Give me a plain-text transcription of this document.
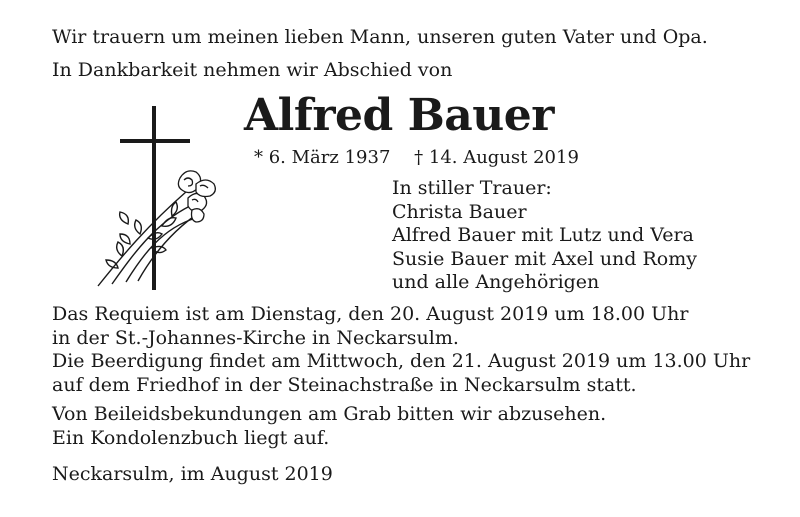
Wir trauern um meinen lieben Mann, unseren guten Vater und Opa.
In Dankbarkeit nehmen wir Abschied von
Alfred Bauer
* 6. März 1937 † 14. August 2019
In stiller Trauer:
Christa Bauer
Alfred Bauer mit Lutz und Vera
Susie Bauer mit Axel und Romy
und alle Angehörigen
Das Requiem ist am Dienstag, den 20. August 2019 um 18.00 Uhr
in der St.-Johannes-Kirche in Neckarsulm.
Die Beerdigung findet am Mittwoch, den 21. August 2019 um 13.00 Uhr
auf dem Friedhof in der Steinachstraße in Neckarsulm statt.
Von Beileidsbekundungen am Grab bitten wir abzusehen.
Ein Kondolenzbuch liegt auf.
Neckarsulm, im August 2019
